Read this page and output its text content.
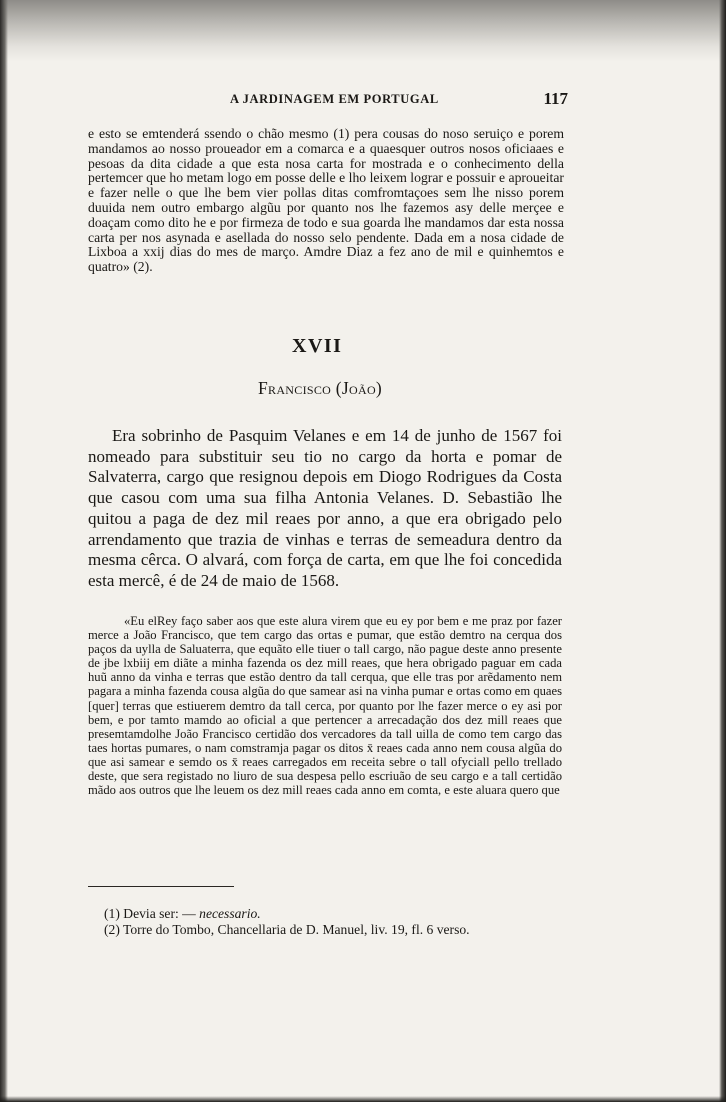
A JARDINAGEM EM PORTUGAL	117

e esto se emtenderá ssendo o chão mesmo (1) pera cousas do noso seruiço e porem mandamos ao nosso proueador em a comarca e a quaesquer outros nosos oficiaaes e pesoas da dita cidade a que esta nosa carta for mostrada e o conhecimento della pertemcer que ho metam logo em posse delle e lho leixem lograr e possuir e aproueitar e fazer nelle o que lhe bem vier pollas ditas comfromtaçoes sem lhe nisso porem duuida nem outro embargo algũu por quanto nos lhe fazemos asy delle merçee e doaçam como dito he e por firmeza de todo e sua goarda lhe mandamos dar esta nossa carta per nos asynada e asellada do nosso selo pendente. Dada em a nosa cidade de Lixboa a xxij dias do mes de março. Amdre Diaz a fez ano de mil e quinhemtos e quatro» (2).

XVII
Francisco (João)

Era sobrinho de Pasquim Velanes e em 14 de junho de 1567 foi nomeado para substituir seu tio no cargo da horta e pomar de Salvaterra, cargo que resignou depois em Diogo Rodrigues da Costa que casou com uma sua filha Antonia Velanes. D. Sebastião lhe quitou a paga de dez mil reaes por anno, a que era obrigado pelo arrendamento que trazia de vinhas e terras de semeadura dentro da mesma cêrca. O alvará, com força de carta, em que lhe foi concedida esta mercê, é de 24 de maio de 1568.

«Eu elRey faço saber aos que este alura virem que eu ey por bem e me praz por fazer merce a João Francisco, que tem cargo das ortas e pumar, que estão demtro na cerqua dos paços da uylla de Saluaterra, que equãto elle tiuer o tall cargo, não pague deste anno presente de jbe lxbiij em diãte a minha fazenda os dez mill reaes, que hera obrigado paguar em cada huũ anno da vinha e terras que estão dentro da tall cerqua, que elle tras por arẽdamento nem pagara a minha fazenda cousa algũa do que samear asi na vinha pumar e ortas como em quaes [quer] terras que estiuerem demtro da tall cerca, por quanto por lhe fazer merce o ey asi por bem, e por tamto mamdo ao oficial a que pertencer a arrecadação dos dez mill reaes que presemtamdolhe João Francisco certidão dos vercadores da tall uilla de como tem cargo das taes hortas pumares, o nam comstramja pagar os ditos x̄ reaes cada anno nem cousa algũa do que asi samear e semdo os x̄ reaes carregados em receita sebre o tall ofyciall pello trellado deste, que sera registado no liuro de sua despesa pello escriuão de seu cargo e a tall certidão mãdo aos outros que lhe leuem os dez mill reaes cada anno em comta, e este aluara quero que

(1) Devia ser: — necessario.
(2) Torre do Tombo, Chancellaria de D. Manuel, liv. 19, fl. 6 verso.
